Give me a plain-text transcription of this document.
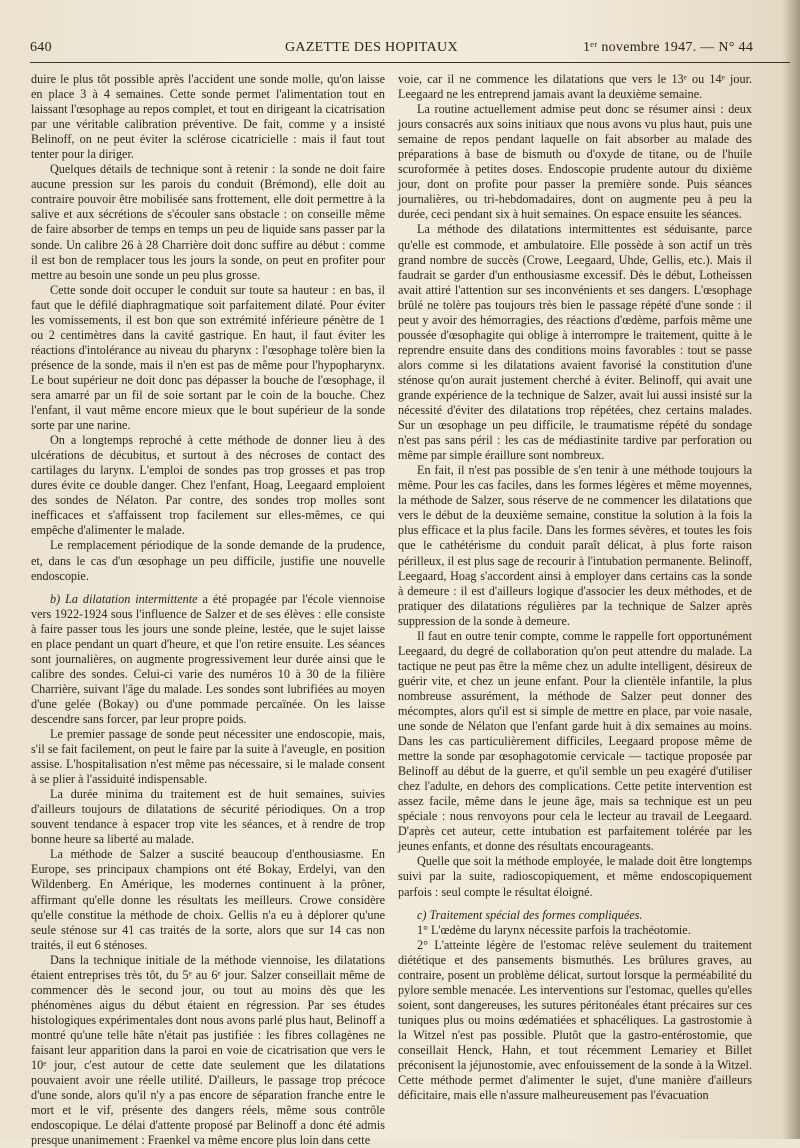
640	GAZETTE DES HOPITAUX	1ᵉʳ novembre 1947. — N° 44

duire le plus tôt possible après l'accident une sonde molle, qu'on laisse en place 3 à 4 semaines. Cette sonde permet l'alimentation tout en laissant l'œsophage au repos complet, et tout en dirigeant la cicatrisation par une véritable calibration préventive. De fait, comme y a insisté Belinoff, on ne peut éviter la sclérose cicatricielle : mais il faut tout tenter pour la diriger.

Quelques détails de technique sont à retenir : la sonde ne doit faire aucune pression sur les parois du conduit (Brémond), elle doit au contraire pouvoir être mobilisée sans frottement, elle doit permettre à la salive et aux sécrétions de s'écouler sans obstacle : on conseille même de faire absorber de temps en temps un peu de liquide sans passer par la sonde. Un calibre 26 à 28 Charrière doit donc suffire au début : comme il est bon de remplacer tous les jours la sonde, on peut en profiter pour mettre au besoin une sonde un peu plus grosse.

Cette sonde doit occuper le conduit sur toute sa hauteur : en bas, il faut que le défilé diaphragmatique soit parfaitement dilaté. Pour éviter les vomissements, il est bon que son extrémité inférieure pénètre de 1 ou 2 centimètres dans la cavité gastrique. En haut, il faut éviter les réactions d'intolérance au niveau du pharynx : l'œsophage tolère bien la présence de la sonde, mais il n'en est pas de même pour l'hypopharynx. Le bout supérieur ne doit donc pas dépasser la bouche de l'œsophage, il sera amarré par un fil de soie sortant par le coin de la bouche. Chez l'enfant, il vaut même encore mieux que le bout supérieur de la sonde sorte par une narine.

On a longtemps reproché à cette méthode de donner lieu à des ulcérations de décubitus, et surtout à des nécroses de contact des cartilages du larynx. L'emploi de sondes pas trop grosses et pas trop dures évite ce double danger. Chez l'enfant, Hoag, Leegaard emploient des sondes de Nélaton. Par contre, des sondes trop molles sont inefficaces et s'affaissent trop facilement sur elles-mêmes, ce qui empêche d'alimenter le malade.

Le remplacement périodique de la sonde demande de la prudence, et, dans le cas d'un œsophage un peu difficile, justifie une nouvelle endoscopie.

b) La dilatation intermittente a été propagée par l'école viennoise vers 1922-1924 sous l'influence de Salzer et de ses élèves : elle consiste à faire passer tous les jours une sonde pleine, lestée, que le sujet laisse en place pendant un quart d'heure, et que l'on retire ensuite. Les séances sont journalières, on augmente progressivement leur durée ainsi que le calibre des sondes. Celui-ci varie des numéros 10 à 30 de la filière Charrière, suivant l'âge du malade. Les sondes sont lubrifiées au moyen d'une gelée (Bokay) ou d'une pommade percaïnée. On les laisse descendre sans forcer, par leur propre poids.

Le premier passage de sonde peut nécessiter une endoscopie, mais, s'il se fait facilement, on peut le faire par la suite à l'aveugle, en position assise. L'hospitalisation n'est même pas nécessaire, si le malade consent à se plier à l'assiduité indispensable.

La durée minima du traitement est de huit semaines, suivies d'ailleurs toujours de dilatations de sécurité périodiques. On a trop souvent tendance à espacer trop vite les séances, et à rendre de trop bonne heure sa liberté au malade.

La méthode de Salzer a suscité beaucoup d'enthousiasme. En Europe, ses principaux champions ont été Bokay, Erdelyi, van den Wildenberg. En Amérique, les modernes continuent à la prôner, affirmant qu'elle donne les résultats les meilleurs. Crowe considère qu'elle constitue la méthode de choix. Gellis n'a eu à déplorer qu'une seule sténose sur 41 cas traités de la sorte, alors que sur 14 cas non traités, il eut 6 sténoses.

Dans la technique initiale de la méthode viennoise, les dilatations étaient entreprises très tôt, du 5ᵉ au 6ᵉ jour. Salzer conseillait même de commencer dès le second jour, ou tout au moins dès que les phénomènes aigus du début étaient en régression. Par ses études histologiques expérimentales dont nous avons parlé plus haut, Belinoff a montré qu'une telle hâte n'était pas justifiée : les fibres collagènes ne faisant leur apparition dans la paroi en voie de cicatrisation que vers le 10ᵉ jour, c'est autour de cette date seulement que les dilatations pouvaient avoir une réelle utilité. D'ailleurs, le passage trop précoce d'une sonde, alors qu'il n'y a pas encore de séparation franche entre le mort et le vif, présente des dangers réels, même sous contrôle endoscopique. Le délai d'attente proposé par Belinoff a donc été admis presque unanimement : Fraenkel va même encore plus loin dans cette

voie, car il ne commence les dilatations que vers le 13ᵉ ou 14ᵉ jour. Leegaard ne les entreprend jamais avant la deuxième semaine.

La routine actuellement admise peut donc se résumer ainsi : deux jours consacrés aux soins initiaux que nous avons vu plus haut, puis une semaine de repos pendant laquelle on fait absorber au malade des préparations à base de bismuth ou d'oxyde de titane, ou de l'huile scuroformée à petites doses. Endoscopie prudente autour du dixième jour, dont on profite pour passer la première sonde. Puis séances journalières, ou tri-hebdomadaires, dont on augmente peu à peu la durée, ceci pendant six à huit semaines. On espace ensuite les séances.

La méthode des dilatations intermittentes est séduisante, parce qu'elle est commode, et ambulatoire. Elle possède à son actif un très grand nombre de succès (Crowe, Leegaard, Uhde, Gellis, etc.). Mais il faudrait se garder d'un enthousiasme excessif. Dès le début, Lotheissen avait attiré l'attention sur ses inconvénients et ses dangers. L'œsophage brûlé ne tolère pas toujours très bien le passage répété d'une sonde : il peut y avoir des hémorragies, des réactions d'œdème, parfois même une poussée d'œsophagite qui oblige à interrompre le traitement, quitte à le reprendre ensuite dans des conditions moins favorables : tout se passe alors comme si les dilatations avaient favorisé la constitution d'une sténose qu'on aurait justement cherché à éviter. Belinoff, qui avait une grande expérience de la technique de Salzer, avait lui aussi insisté sur la nécessité d'éviter des dilatations trop répétées, chez certains malades. Sur un œsophage un peu difficile, le traumatisme répété du sondage n'est pas sans péril : les cas de médiastinite tardive par perforation ou même par simple éraillure sont nombreux.

En fait, il n'est pas possible de s'en tenir à une méthode toujours la même. Pour les cas faciles, dans les formes légères et même moyennes, la méthode de Salzer, sous réserve de ne commencer les dilatations que vers le début de la deuxième semaine, constitue la solution à la fois la plus efficace et la plus facile. Dans les formes sévères, et toutes les fois que le cathétérisme du conduit paraît délicat, à plus forte raison périlleux, il est plus sage de recourir à l'intubation permanente. Belinoff, Leegaard, Hoag s'accordent ainsi à employer dans certains cas la sonde à demeure : il est d'ailleurs logique d'associer les deux méthodes, et de pratiquer des dilatations régulières par la technique de Salzer après suppression de la sonde à demeure.

Il faut en outre tenir compte, comme le rappelle fort opportunément Leegaard, du degré de collaboration qu'on peut attendre du malade. La tactique ne peut pas être la même chez un adulte intelligent, désireux de guérir vite, et chez un jeune enfant. Pour la clientèle infantile, la plus nombreuse assurément, la méthode de Salzer peut donner des mécomptes, alors qu'il est si simple de mettre en place, par voie nasale, une sonde de Nélaton que l'enfant garde huit à dix semaines au moins. Dans les cas particulièrement difficiles, Leegaard propose même de mettre la sonde par œsophagotomie cervicale — tactique proposée par Belinoff au début de la guerre, et qu'il semble un peu exagéré d'utiliser chez l'adulte, en dehors des complications. Cette petite intervention est assez facile, même dans le jeune âge, mais sa technique est un peu spéciale : nous renvoyons pour cela le lecteur au travail de Leegaard. D'après cet auteur, cette intubation est parfaitement tolérée par les jeunes enfants, et donne des résultats encourageants.

Quelle que soit la méthode employée, le malade doit être longtemps suivi par la suite, radioscopiquement, et même endoscopiquement parfois : seul compte le résultat éloigné.

c) Traitement spécial des formes compliquées.

1° L'œdème du larynx nécessite parfois la trachéotomie.

2° L'atteinte légère de l'estomac relève seulement du traitement diététique et des pansements bismuthés. Les brûlures graves, au contraire, posent un problème délicat, surtout lorsque la perméabilité du pylore semble menacée. Les interventions sur l'estomac, quelles qu'elles soient, sont dangereuses, les sutures péritonéales étant précaires sur ces tuniques plus ou moins œdématiées et sphacéliques. La gastrostomie à la Witzel n'est pas possible. Plutôt que la gastro-entérostomie, que conseillait Henck, Hahn, et tout récemment Lemariey et Billet préconisent la jéjunostomie, avec enfouissement de la sonde à la Witzel. Cette méthode permet d'alimenter le sujet, d'une manière d'ailleurs déficitaire, mais elle n'assure malheureusement pas l'évacuation
